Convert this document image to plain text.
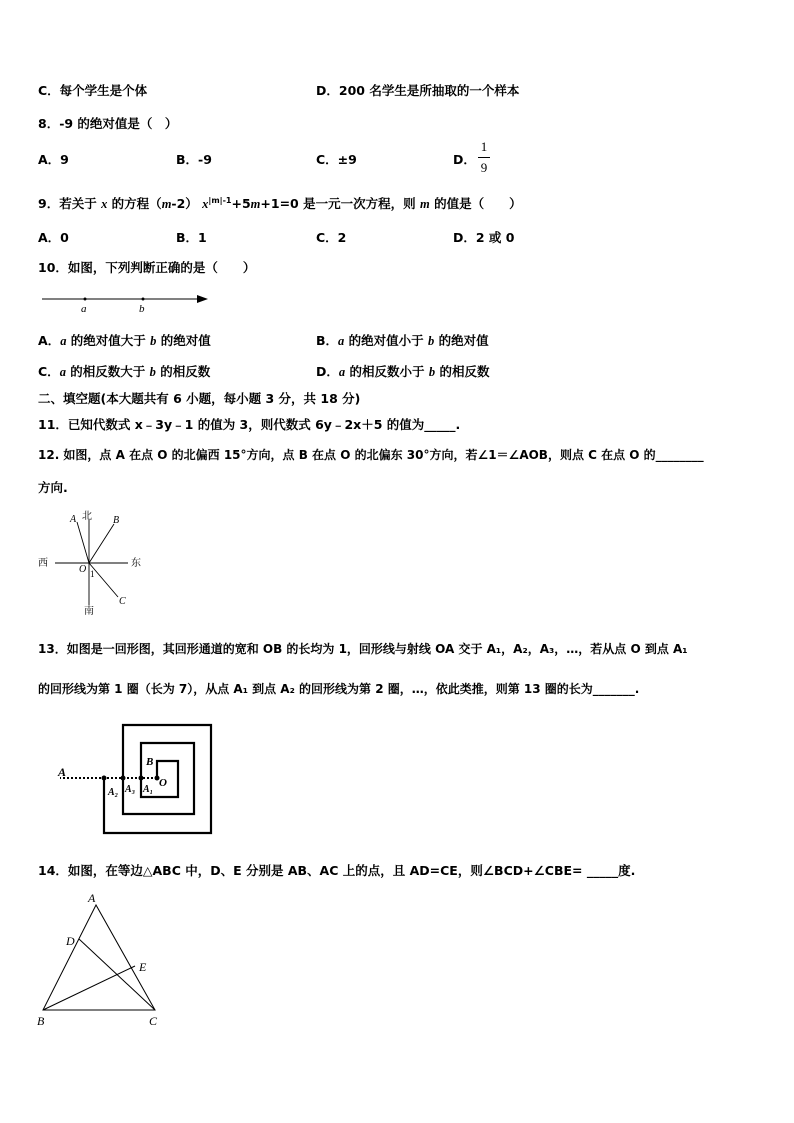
C．每个学生是个体	D．200 名学生是所抽取的一个样本
8．-9 的绝对值是（　）
A．9	B．-9	C．±9	D．
1
9
9．若关于 x 的方程（m-2） $x^{|m|-1}+5m+1=0$ 是一元一次方程，则 m 的值是（　　）
A．0	B．1	C．2	D．2 或 0
10．如图，下列判断正确的是（　　）
a	b
A．a 的绝对值大于 b 的绝对值	B．a 的绝对值小于 b 的绝对值
C．a 的相反数大于 b 的相反数	D．a 的相反数小于 b 的相反数
二、填空题(本大题共有 6 小题，每小题 3 分，共 18 分)
11．已知代数式 x﹣3y﹣1 的值为 3，则代数式 6y﹣2x＋5 的值为_____.
12. 如图，点 A 在点 O 的北偏西 15°方向，点 B 在点 O 的北偏东 30°方向，若∠1＝∠AOB，则点 C 在点 O 的________
方向.
北
南
西	东
A	B
C
O 1
13．如图是一回形图，其回形通道的宽和 OB 的长均为 1，回形线与射线 OA 交于 A₁，A₂，A₃，…，若从点 O 到点 A₁
的回形线为第 1 圈（长为 7），从点 A₁ 到点 A₂ 的回形线为第 2 圈，…，依此类推，则第 13 圈的长为_______.
A
B
O
A₁
A₃
A₂
14．如图，在等边△ABC 中，D、E 分别是 AB、AC 上的点，且 AD=CE，则∠BCD+∠CBE= _____度.
A
D
E
B	C
